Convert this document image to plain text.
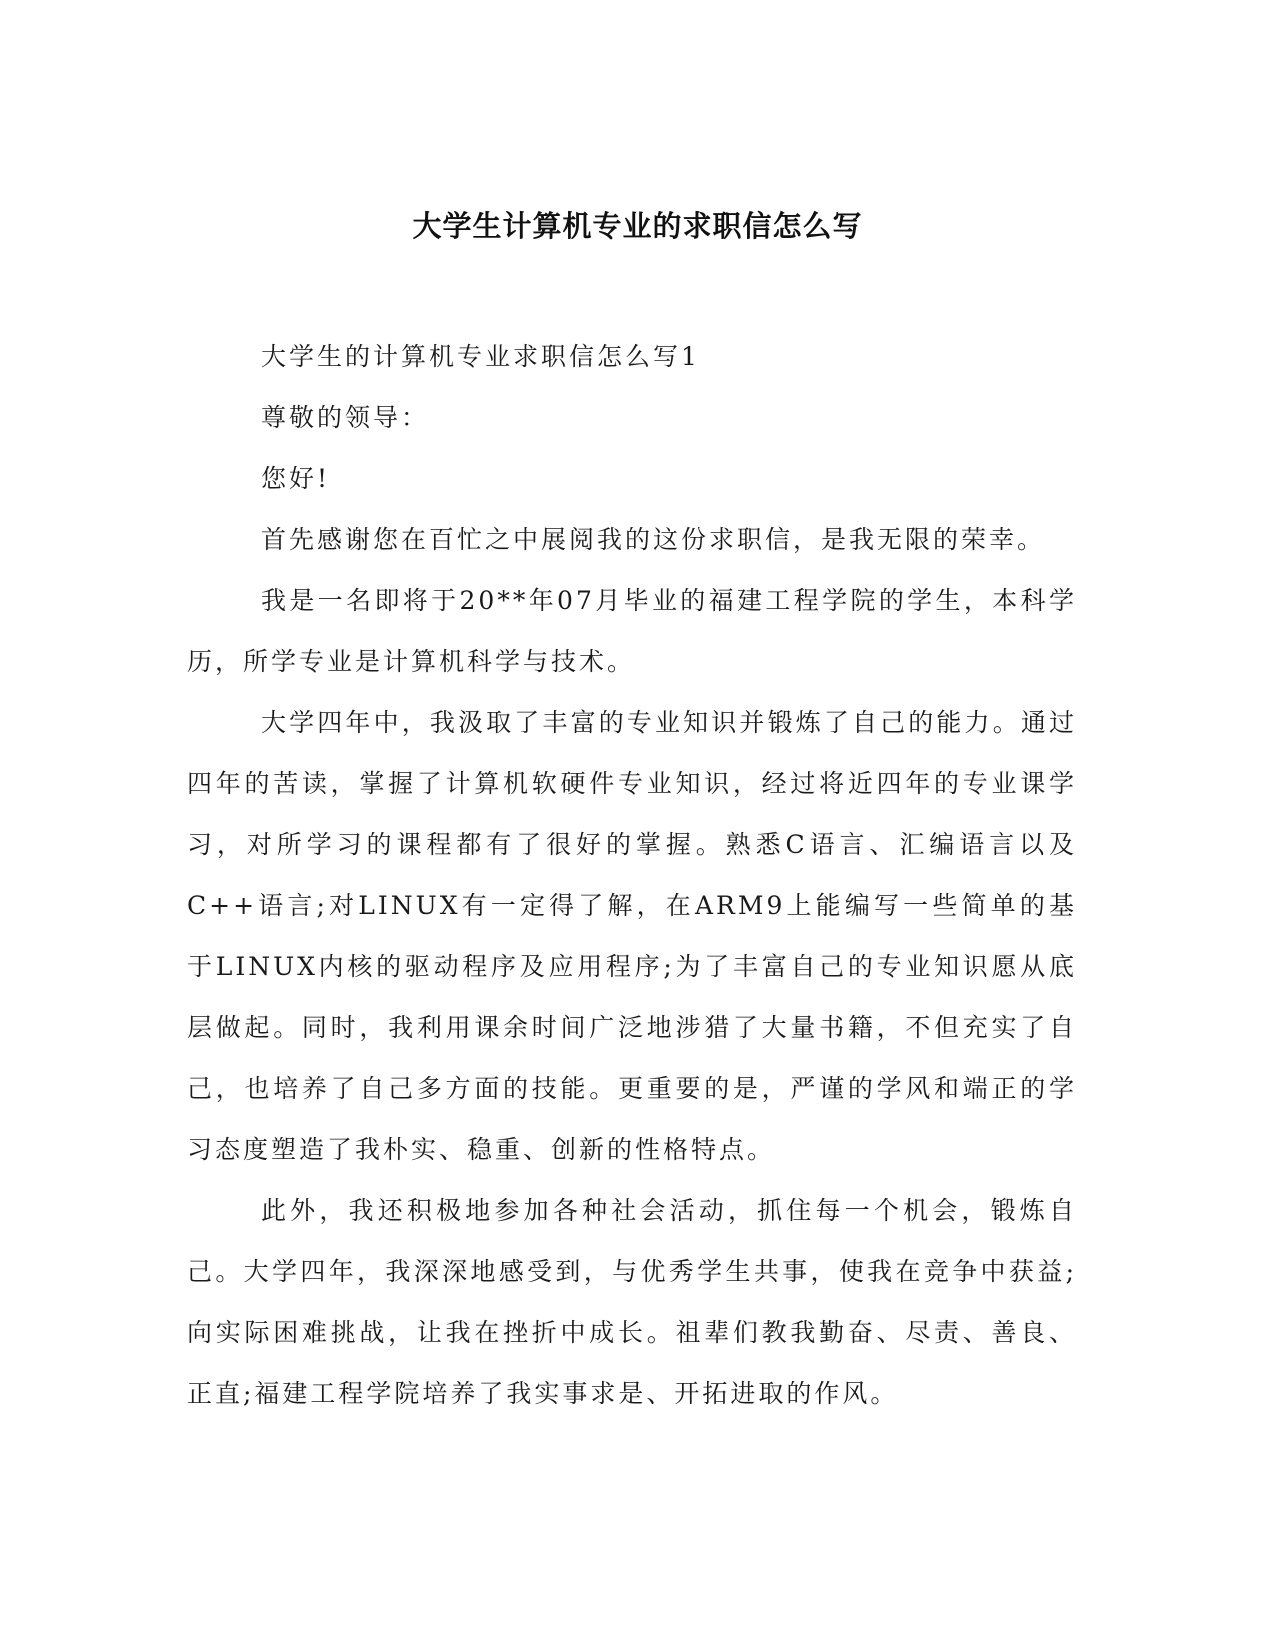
大学生计算机专业的求职信怎么写

大学生的计算机专业求职信怎么写1

尊敬的领导：

您好!

首先感谢您在百忙之中展阅我的这份求职信，是我无限的荣幸。

我是一名即将于20**年07月毕业的福建工程学院的学生，本科学历，所学专业是计算机科学与技术。

大学四年中，我汲取了丰富的专业知识并锻炼了自己的能力。通过四年的苦读，掌握了计算机软硬件专业知识，经过将近四年的专业课学习，对所学习的课程都有了很好的掌握。熟悉C语言、汇编语言以及C++语言;对LINUX有一定得了解，在ARM9上能编写一些简单的基于LINUX内核的驱动程序及应用程序;为了丰富自己的专业知识愿从底层做起。同时，我利用课余时间广泛地涉猎了大量书籍，不但充实了自己，也培养了自己多方面的技能。更重要的是，严谨的学风和端正的学习态度塑造了我朴实、稳重、创新的性格特点。

此外，我还积极地参加各种社会活动，抓住每一个机会，锻炼自己。大学四年，我深深地感受到，与优秀学生共事，使我在竞争中获益;向实际困难挑战，让我在挫折中成长。祖辈们教我勤奋、尽责、善良、正直;福建工程学院培养了我实事求是、开拓进取的作风。
